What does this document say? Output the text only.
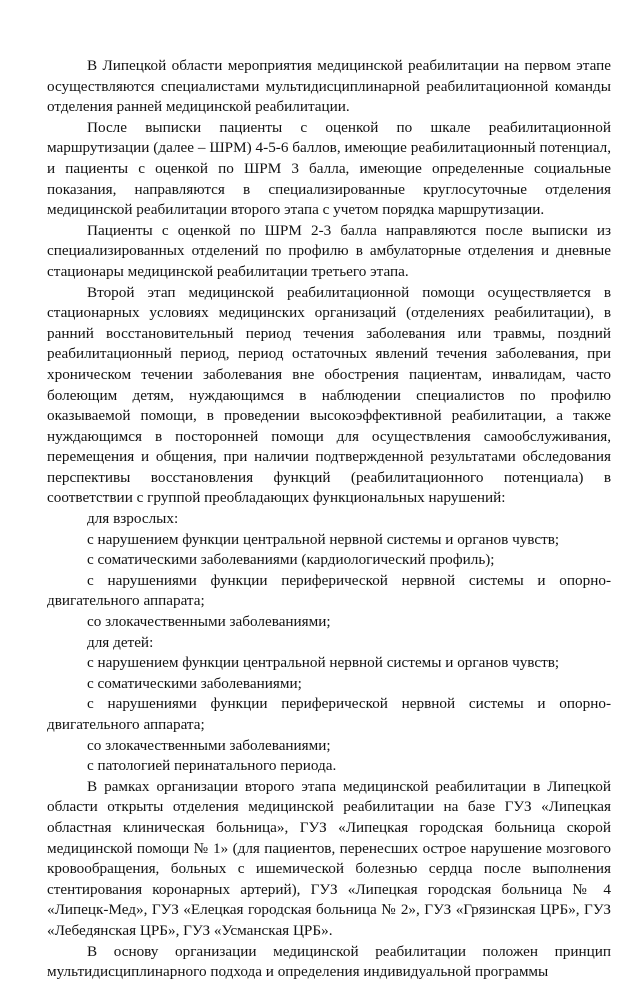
В Липецкой области мероприятия медицинской реабилитации на первом этапе осуществляются специалистами мультидисциплинарной реабилитационной команды отделения ранней медицинской реабилитации.

После выписки пациенты с оценкой по шкале реабилитационной маршрутизации (далее – ШРМ) 4-5-6 баллов, имеющие реабилитационный потенциал, и пациенты с оценкой по ШРМ 3 балла, имеющие определенные социальные показания, направляются в специализированные круглосуточные отделения медицинской реабилитации второго этапа с учетом порядка маршрутизации.

Пациенты с оценкой по ШРМ 2-3 балла направляются после выписки из специализированных отделений по профилю в амбулаторные отделения и дневные стационары медицинской реабилитации третьего этапа.

Второй этап медицинской реабилитационной помощи осуществляется в стационарных условиях медицинских организаций (отделениях реабилитации), в ранний восстановительный период течения заболевания или травмы, поздний реабилитационный период, период остаточных явлений течения заболевания, при хроническом течении заболевания вне обострения пациентам, инвалидам, часто болеющим детям, нуждающимся в наблюдении специалистов по профилю оказываемой помощи, в проведении высокоэффективной реабилитации, а также нуждающимся в посторонней помощи для осуществления самообслуживания, перемещения и общения, при наличии подтвержденной результатами обследования перспективы восстановления функций (реабилитационного потенциала) в соответствии с группой преобладающих функциональных нарушений:

для взрослых:

с нарушением функции центральной нервной системы и органов чувств;

с соматическими заболеваниями (кардиологический профиль);

с нарушениями функции периферической нервной системы и опорно-двигательного аппарата;

со злокачественными заболеваниями;

для детей:

с нарушением функции центральной нервной системы и органов чувств;

с соматическими заболеваниями;

с нарушениями функции периферической нервной системы и опорно-двигательного аппарата;

со злокачественными заболеваниями;

с патологией перинатального периода.

В рамках организации второго этапа медицинской реабилитации в Липецкой области открыты отделения медицинской реабилитации на базе ГУЗ «Липецкая областная клиническая больница», ГУЗ «Липецкая городская больница скорой медицинской помощи № 1» (для пациентов, перенесших острое нарушение мозгового кровообращения, больных с ишемической болезнью сердца после выполнения стентирования коронарных артерий), ГУЗ «Липецкая городская больница № 4 «Липецк-Мед», ГУЗ «Елецкая городская больница № 2», ГУЗ «Грязинская ЦРБ», ГУЗ «Лебедянская ЦРБ», ГУЗ «Усманская ЦРБ».

В основу организации медицинской реабилитации положен принцип мультидисциплинарного подхода и определения индивидуальной программы
